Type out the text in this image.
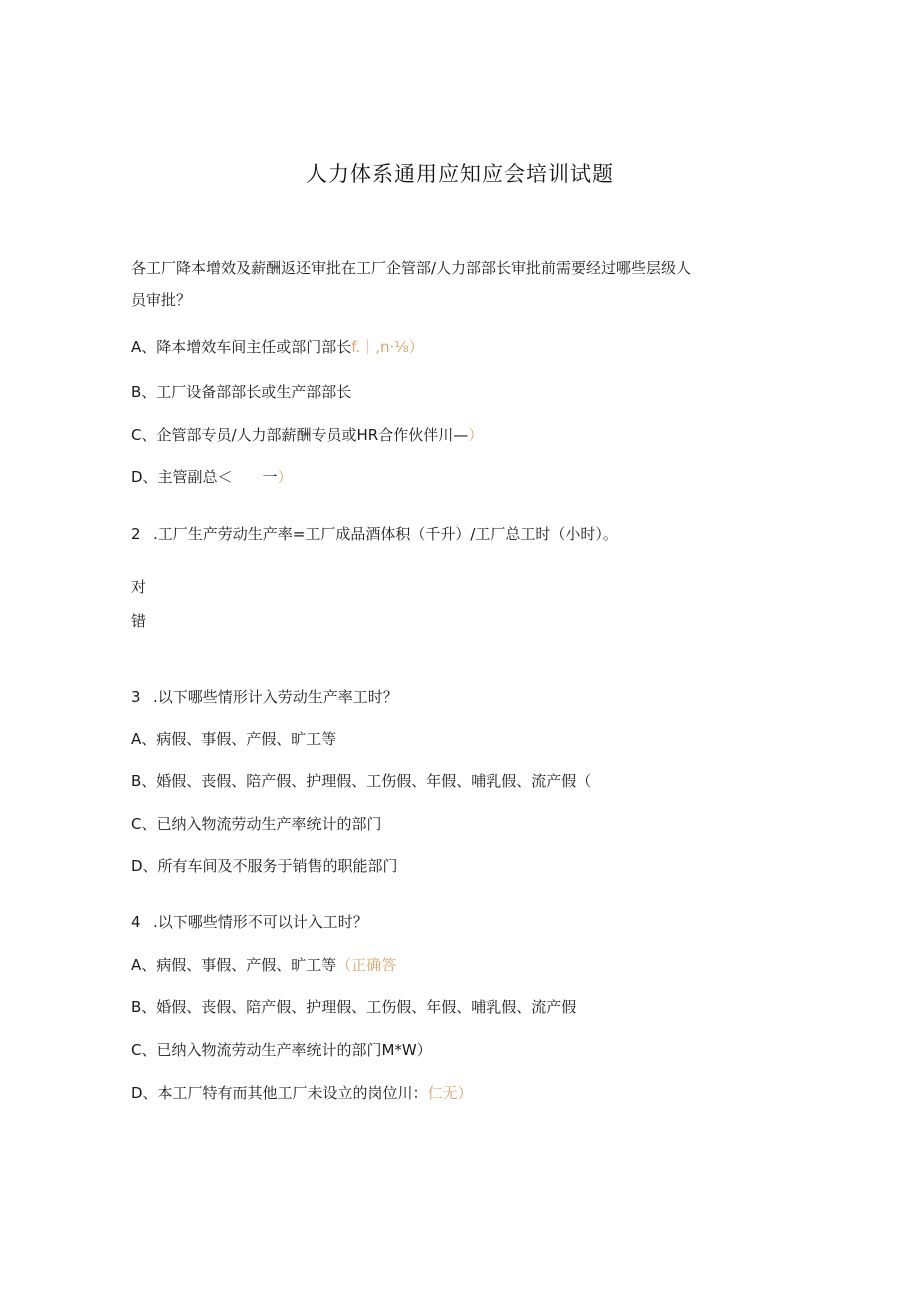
人力体系通用应知应会培训试题
各工厂降本增效及薪酬返还审批在工厂企管部/人力部部长审批前需要经过哪些层级人
员审批？
A、降本增效车间主任或部门部长f.｜,n·⅛）
B、工厂设备部部长或生产部部长
C、企管部专员/人力部薪酬专员或HR合作伙伴川—）
D、主管副总＜　　一）
2 .工厂生产劳动生产率=工厂成品酒体积（千升）/工厂总工时（小时）。
对
错
3 .以下哪些情形计入劳动生产率工时？
A、病假、事假、产假、旷工等
B、婚假、丧假、陪产假、护理假、工伤假、年假、哺乳假、流产假（
C、已纳入物流劳动生产率统计的部门
D、所有车间及不服务于销售的职能部门
4 .以下哪些情形不可以计入工时？
A、病假、事假、产假、旷工等（正确答
B、婚假、丧假、陪产假、护理假、工伤假、年假、哺乳假、流产假
C、已纳入物流劳动生产率统计的部门M*W）
D、本工厂特有而其他工厂未设立的岗位川：仁无）
